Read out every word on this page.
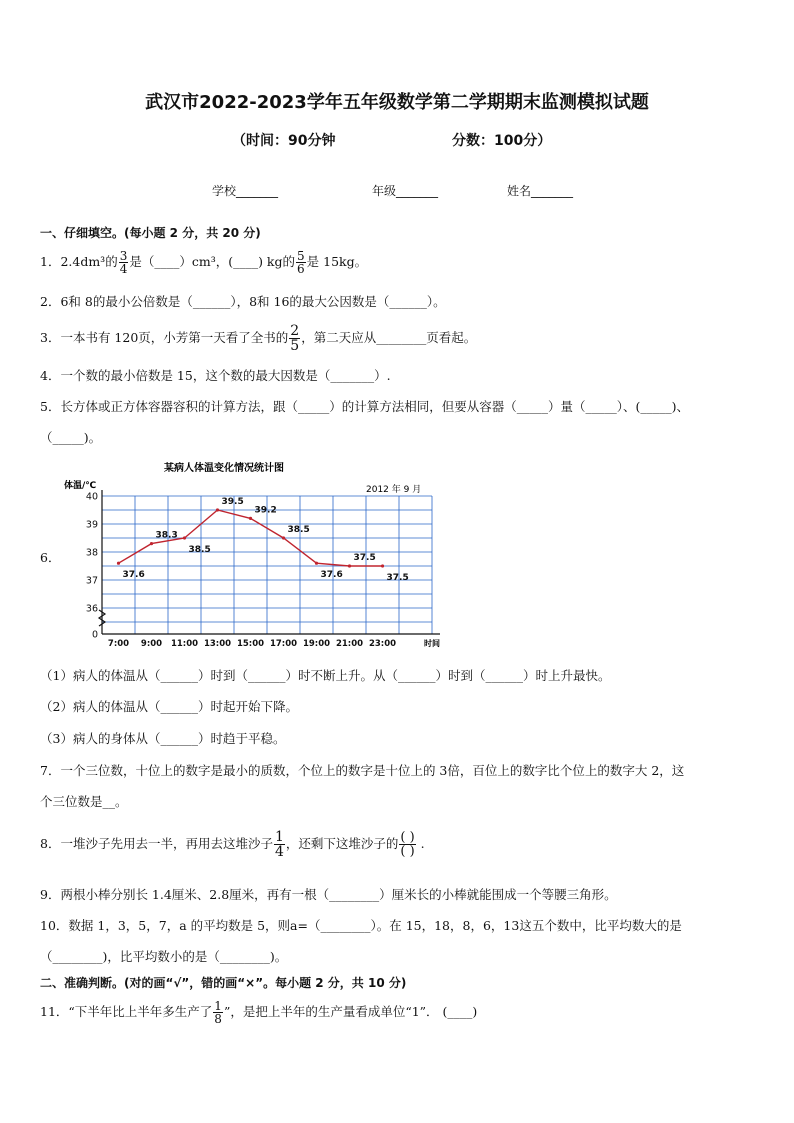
武汉市2022-2023学年五年级数学第二学期期末监测模拟试题
（时间：90分钟	分数：100分）
学校_______	年级_______	姓名_______
一、仔细填空。(每小题 2 分，共 20 分)
1．2.4dm³的 $\frac{3}{4}$ 是（____）cm³，(____) kg的 $\frac{5}{6}$ 是 15kg。
2．6和 8的最小公倍数是（______），8和 16的最大公因数是（______）。
3．一本书有 120页，小芳第一天看了全书的 $\frac{2}{5}$ ，第二天应从________页看起。
4．一个数的最小倍数是 15，这个数的最大因数是（_______）.
5．长方体或正方体容器容积的计算方法，跟（_____）的计算方法相同，但要从容器（_____）量（_____）、(_____)、
（_____)。
6．
某病人体温变化情况统计图
2012 年 9 月
体温/℃
时间
40
39
38
37
36
0
7:00 9:00 11:00 13:00 15:00 17:00 19:00 21:00 23:00
37.6
38.3
38.5
39.5
39.2
38.5
37.6
37.5
37.5
（1）病人的体温从（______）时到（______）时不断上升。从（______）时到（______）时上升最快。
（2）病人的体温从（______）时起开始下降。
（3）病人的身体从（______）时趋于平稳。
7．一个三位数，十位上的数字是最小的质数，个位上的数字是十位上的 3倍，百位上的数字比个位上的数字大 2，这
个三位数是__。
8．一堆沙子先用去一半，再用去这堆沙子 $\frac{1}{4}$ ，还剩下这堆沙子的 $\frac{( )}{( )}$ .
9．两根小棒分别长 1.4厘米、2.8厘米，再有一根（________）厘米长的小棒就能围成一个等腰三角形。
10．数据 1，3，5，7，a 的平均数是 5，则a=（________）。在 15，18，8，6，13这五个数中，比平均数大的是
（________)，比平均数小的是（________)。
二、准确判断。(对的画“√”，错的画“×”。每小题 2 分，共 10 分)
11．“下半年比上半年多生产了 $\frac{1}{8}$ ”，是把上半年的生产量看成单位“1”． (____)
